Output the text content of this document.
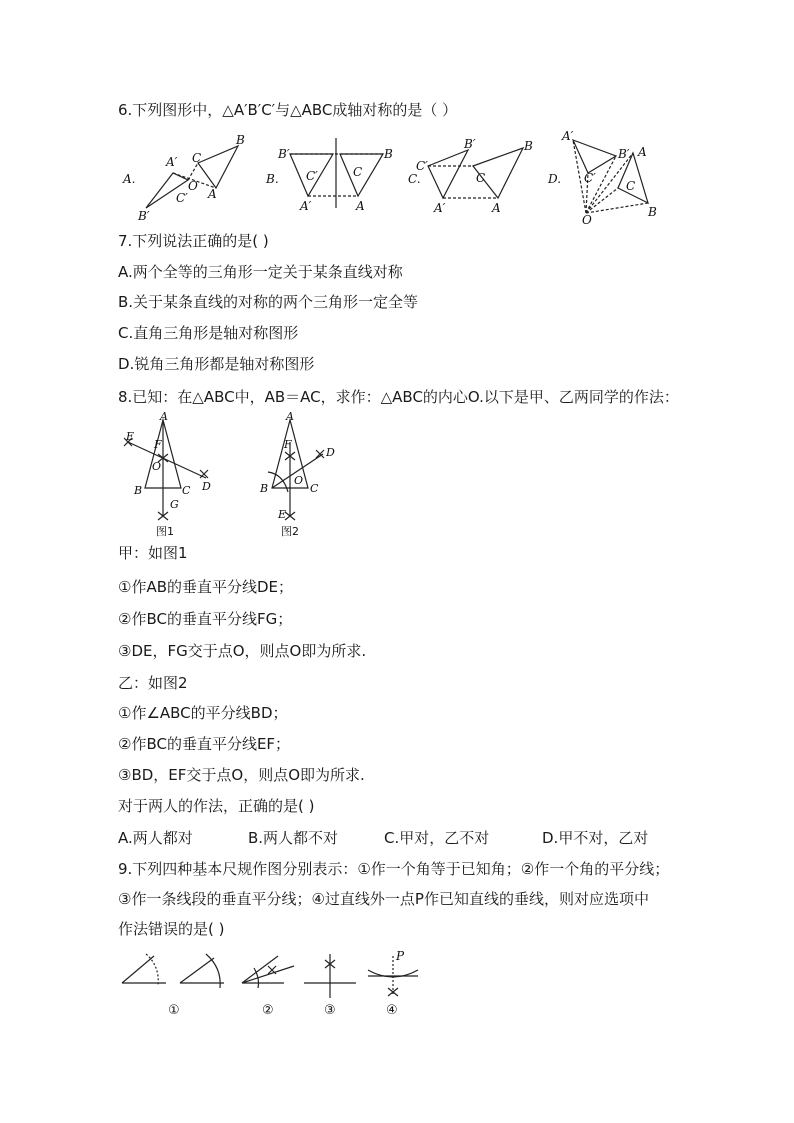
6.下列图形中，△A′B′C′与△ABC成轴对称的是（ ）
A.	B.	C.	D.
A′
B′
C′
O
C
B
A
B′
C′
A′
C
B
A
C′
B′
A′
C
B
A
A′
B′
C′
A
C
B
O
7.下列说法正确的是( )
A.两个全等的三角形一定关于某条直线对称
B.关于某条直线的对称的两个三角形一定全等
C.直角三角形是轴对称图形
D.锐角三角形都是轴对称图形
8.已知：在△ABC中，AB＝AC，求作：△ABC的内心O.以下是甲、乙两同学的作法：
A
E
F
O
B	C D
G
A
F
D
O
B	C
E
图1	图2
甲：如图1
①作AB的垂直平分线DE；
②作BC的垂直平分线FG；
③DE，FG交于点O，则点O即为所求.
乙：如图2
①作∠ABC的平分线BD；
②作BC的垂直平分线EF；
③BD，EF交于点O，则点O即为所求.
对于两人的作法，正确的是( )
A.两人都对	B.两人都不对	C.甲对，乙不对	D.甲不对，乙对
9.下列四种基本尺规作图分别表示：①作一个角等于已知角；②作一个角的平分线；
③作一条线段的垂直平分线；④过直线外一点P作已知直线的垂线，则对应选项中
作法错误的是( )
P
①	②	③	④
